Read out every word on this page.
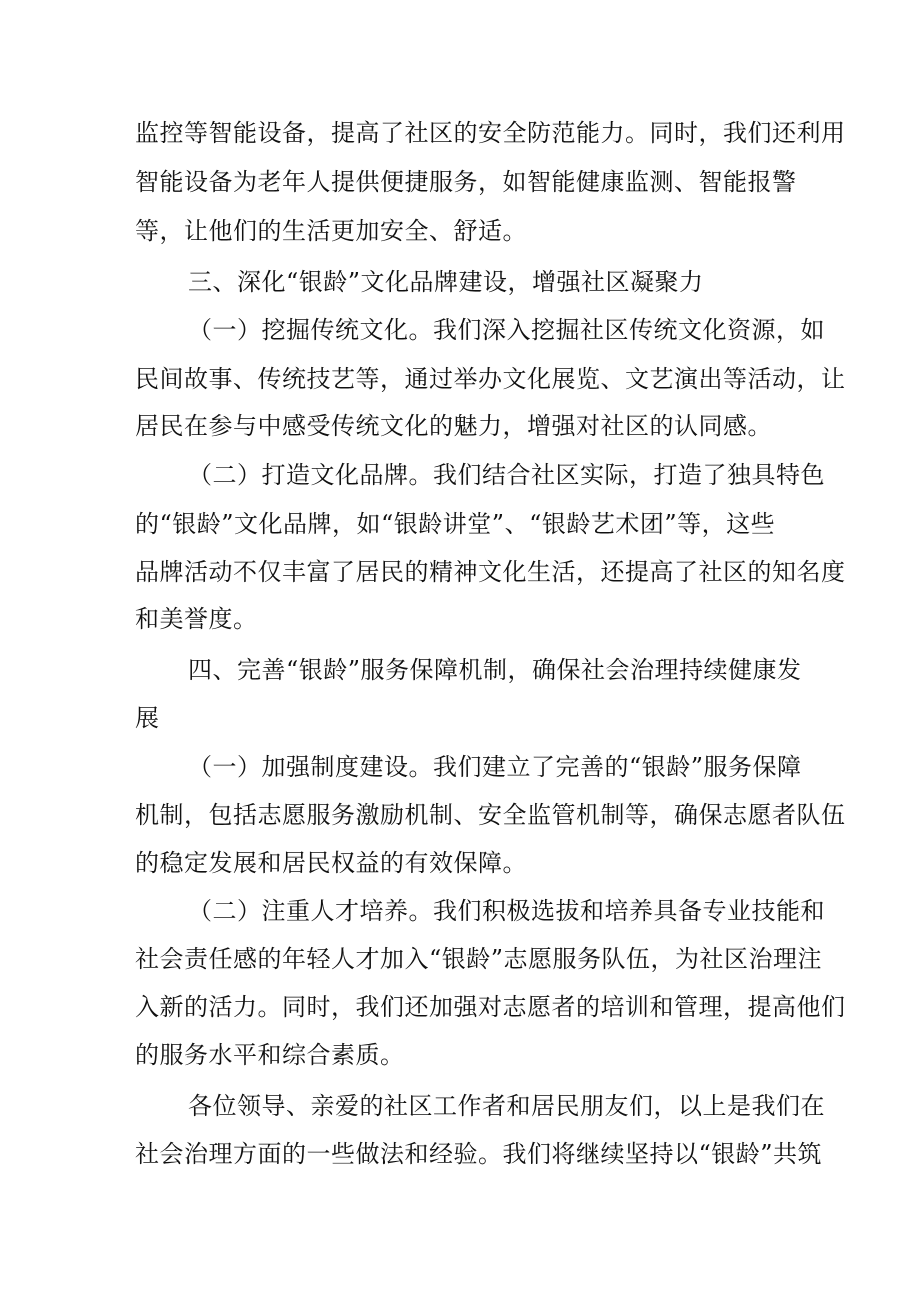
监控等智能设备，提高了社区的安全防范能力。同时，我们还利用
智能设备为老年人提供便捷服务，如智能健康监测、智能报警
等，让他们的生活更加安全、舒适。
三、深化“银龄”文化品牌建设，增强社区凝聚力
（一）挖掘传统文化。我们深入挖掘社区传统文化资源，如
民间故事、传统技艺等，通过举办文化展览、文艺演出等活动，让
居民在参与中感受传统文化的魅力，增强对社区的认同感。
（二）打造文化品牌。我们结合社区实际，打造了独具特色
的“银龄”文化品牌，如“银龄讲堂”、“银龄艺术团”等，这些
品牌活动不仅丰富了居民的精神文化生活，还提高了社区的知名度
和美誉度。
四、完善“银龄”服务保障机制，确保社会治理持续健康发
展
（一）加强制度建设。我们建立了完善的“银龄”服务保障
机制，包括志愿服务激励机制、安全监管机制等，确保志愿者队伍
的稳定发展和居民权益的有效保障。
（二）注重人才培养。我们积极选拔和培养具备专业技能和
社会责任感的年轻人才加入“银龄”志愿服务队伍，为社区治理注
入新的活力。同时，我们还加强对志愿者的培训和管理，提高他们
的服务水平和综合素质。
各位领导、亲爱的社区工作者和居民朋友们，以上是我们在
社会治理方面的一些做法和经验。我们将继续坚持以“银龄”共筑
